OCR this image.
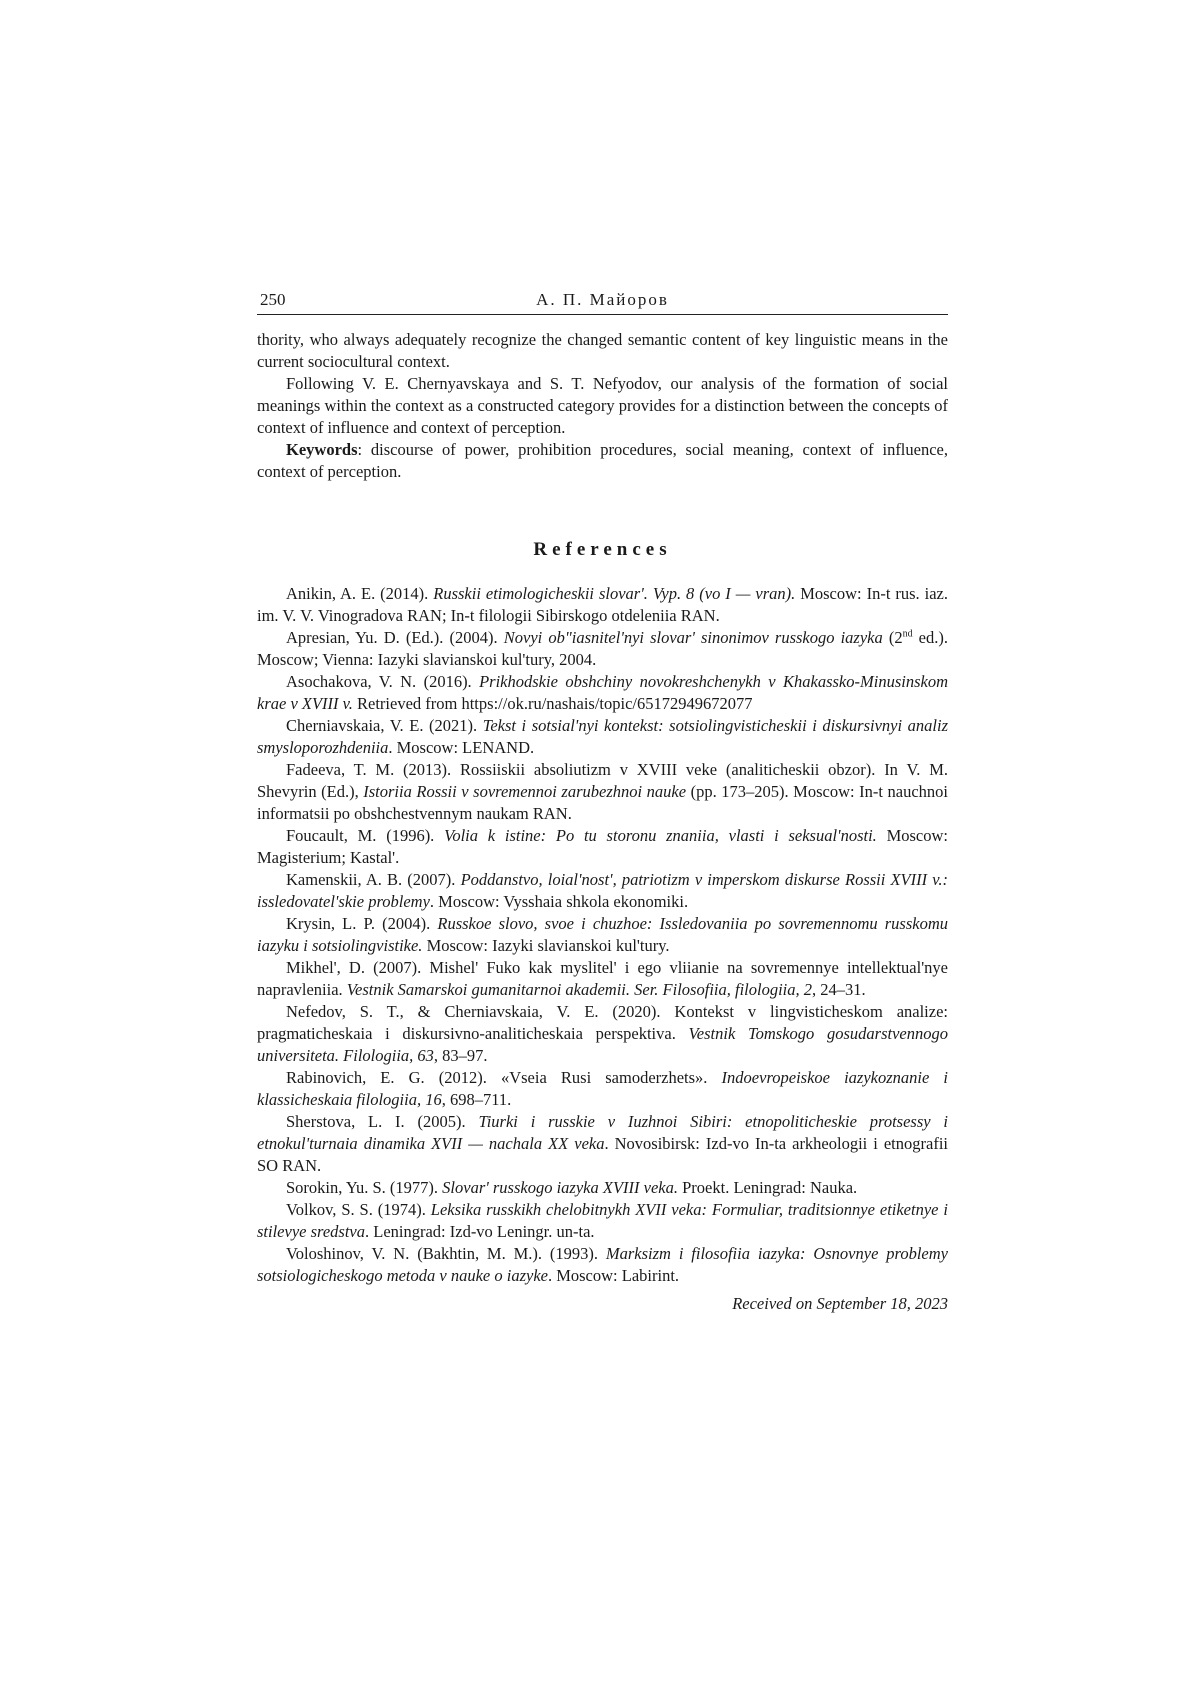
250	А. П. Майоров

thority, who always adequately recognize the changed semantic content of key linguistic means in the current sociocultural context.

Following V. E. Chernyavskaya and S. T. Nefyodov, our analysis of the formation of social meanings within the context as a constructed category provides for a distinction between the concepts of context of influence and context of perception.

Keywords: discourse of power, prohibition procedures, social meaning, context of influence, context of perception.

References

Anikin, A. E. (2014). Russkii etimologicheskii slovar'. Vyp. 8 (vo I — vran). Moscow: In-t rus. iaz. im. V. V. Vinogradova RAN; In-t filologii Sibirskogo otdeleniia RAN.

Apresian, Yu. D. (Ed.). (2004). Novyi ob"iasnitel'nyi slovar' sinonimov russkogo iazyka (2nd ed.). Moscow; Vienna: Iazyki slavianskoi kul'tury, 2004.

Asochakova, V. N. (2016). Prikhodskie obshchiny novokreshchenykh v Khakassko-Minusinskom krae v XVIII v. Retrieved from https://ok.ru/nashais/topic/65172949672077

Cherniavskaia, V. E. (2021). Tekst i sotsial'nyi kontekst: sotsiolingvisticheskii i diskursivnyi analiz smysloporozhdeniia. Moscow: LENAND.

Fadeeva, T. M. (2013). Rossiiskii absoliutizm v XVIII veke (analiticheskii obzor). In V. M. Shevyrin (Ed.), Istoriia Rossii v sovremennoi zarubezhnoi nauke (pp. 173–205). Moscow: In-t nauchnoi informatsii po obshchestvennym naukam RAN.

Foucault, M. (1996). Volia k istine: Po tu storonu znaniia, vlasti i seksual'nosti. Moscow: Magisterium; Kastal'.

Kamenskii, A. B. (2007). Poddanstvo, loial'nost', patriotizm v imperskom diskurse Rossii XVIII v.: issledovatel'skie problemy. Moscow: Vysshaia shkola ekonomiki.

Krysin, L. P. (2004). Russkoe slovo, svoe i chuzhoe: Issledovaniia po sovremennomu russkomu iazyku i sotsiolingvistike. Moscow: Iazyki slavianskoi kul'tury.

Mikhel', D. (2007). Mishel' Fuko kak myslitel' i ego vliianie na sovremennye intellektual'nye napravleniia. Vestnik Samarskoi gumanitarnoi akademii. Ser. Filosofiia, filologiia, 2, 24–31.

Nefedov, S. T., & Cherniavskaia, V. E. (2020). Kontekst v lingvisticheskom analize: pragmaticheskaia i diskursivno-analiticheskaia perspektiva. Vestnik Tomskogo gosudarstvennogo universiteta. Filologiia, 63, 83–97.

Rabinovich, E. G. (2012). «Vseia Rusi samoderzhets». Indoevropeiskoe iazykoznanie i klassicheskaia filologiia, 16, 698–711.

Sherstova, L. I. (2005). Tiurki i russkie v Iuzhnoi Sibiri: etnopoliticheskie protsessy i etnokul'turnaia dinamika XVII — nachala XX veka. Novosibirsk: Izd-vo In-ta arkheologii i etnografii SO RAN.

Sorokin, Yu. S. (1977). Slovar' russkogo iazyka XVIII veka. Proekt. Leningrad: Nauka.

Volkov, S. S. (1974). Leksika russkikh chelobitnykh XVII veka: Formuliar, traditsionnye etiketnye i stilevye sredstva. Leningrad: Izd-vo Leningr. un-ta.

Voloshinov, V. N. (Bakhtin, M. M.). (1993). Marksizm i filosofiia iazyka: Osnovnye problemy sotsiologicheskogo metoda v nauke o iazyke. Moscow: Labirint.

Received on September 18, 2023
